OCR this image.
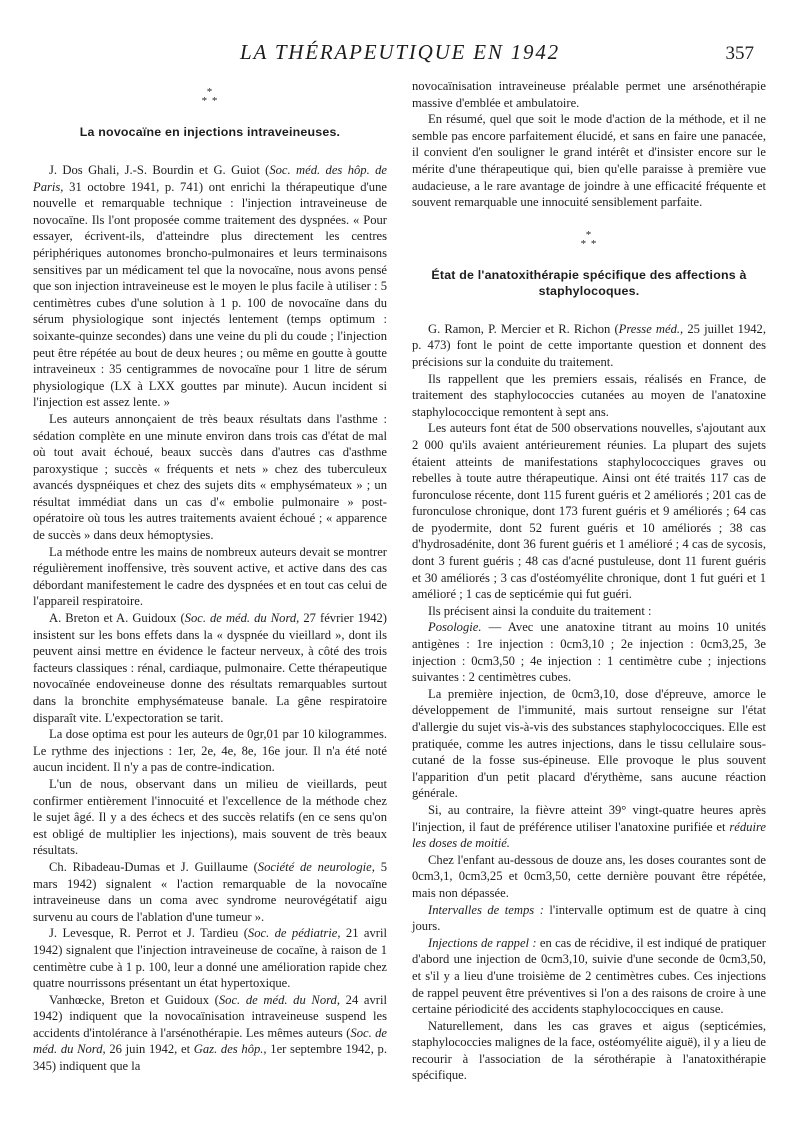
LA THÉRAPEUTIQUE EN 1942	357
*
* *
La novocaïne en injections intraveineuses.

J. Dos Ghali, J.-S. Bourdin et G. Guiot (Soc. méd. des hôp. de Paris, 31 octobre 1941, p. 741) ont enrichi la thérapeutique d'une nouvelle et remarquable technique : l'injection intraveineuse de novocaïne. Ils l'ont proposée comme traitement des dyspnées. « Pour essayer, écrivent-ils, d'atteindre plus directement les centres périphériques autonomes broncho-pulmonaires et leurs terminaisons sensitives par un médicament tel que la novocaïne, nous avons pensé que son injection intraveineuse est le moyen le plus facile à utiliser : 5 centimètres cubes d'une solution à 1 p. 100 de novocaïne dans du sérum physiologique sont injectés lentement (temps optimum : soixante-quinze secondes) dans une veine du pli du coude ; l'injection peut être répétée au bout de deux heures ; ou même en goutte à goutte intraveineux : 35 centigrammes de novocaïne pour 1 litre de sérum physiologique (LX à LXX gouttes par minute). Aucun incident si l'injection est assez lente. »

Les auteurs annonçaient de très beaux résultats dans l'asthme : sédation complète en une minute environ dans trois cas d'état de mal où tout avait échoué, beaux succès dans d'autres cas d'asthme paroxystique ; succès « fréquents et nets » chez des tuberculeux avancés dyspnéiques et chez des sujets dits « emphysémateux » ; un résultat immédiat dans un cas d'« embolie pulmonaire » post-opératoire où tous les autres traitements avaient échoué ; « apparence de succès » dans deux hémoptysies.

La méthode entre les mains de nombreux auteurs devait se montrer régulièrement inoffensive, très souvent active, et active dans des cas débordant manifestement le cadre des dyspnées et en tout cas celui de l'appareil respiratoire.

A. Breton et A. Guidoux (Soc. de méd. du Nord, 27 février 1942) insistent sur les bons effets dans la « dyspnée du vieillard », dont ils peuvent ainsi mettre en évidence le facteur nerveux, à côté des trois facteurs classiques : rénal, cardiaque, pulmonaire. Cette thérapeutique novocaïnée endoveineuse donne des résultats remarquables surtout dans la bronchite emphysémateuse banale. La gêne respiratoire disparaît vite. L'expectoration se tarit.

La dose optima est pour les auteurs de 0gr,01 par 10 kilogrammes. Le rythme des injections : 1er, 2e, 4e, 8e, 16e jour. Il n'a été noté aucun incident. Il n'y a pas de contre-indication.

L'un de nous, observant dans un milieu de vieillards, peut confirmer entièrement l'innocuité et l'excellence de la méthode chez le sujet âgé. Il y a des échecs et des succès relatifs (en ce sens qu'on est obligé de multiplier les injections), mais souvent de très beaux résultats.

Ch. Ribadeau-Dumas et J. Guillaume (Société de neurologie, 5 mars 1942) signalent « l'action remarquable de la novocaïne intraveineuse dans un coma avec syndrome neurovégétatif aigu survenu au cours de l'ablation d'une tumeur ».

J. Levesque, R. Perrot et J. Tardieu (Soc. de pédiatrie, 21 avril 1942) signalent que l'injection intraveineuse de cocaïne, à raison de 1 centimètre cube à 1 p. 100, leur a donné une amélioration rapide chez quatre nourrissons présentant un état hypertoxique.

Vanhœcke, Breton et Guidoux (Soc. de méd. du Nord, 24 avril 1942) indiquent que la novocaïnisation intraveineuse suspend les accidents d'intolérance à l'arsénothérapie. Les mêmes auteurs (Soc. de méd. du Nord, 26 juin 1942, et Gaz. des hôp., 1er septembre 1942, p. 345) indiquent que la

novocaïnisation intraveineuse préalable permet une arsénothérapie massive d'emblée et ambulatoire.

En résumé, quel que soit le mode d'action de la méthode, et il ne semble pas encore parfaitement élucidé, et sans en faire une panacée, il convient d'en souligner le grand intérêt et d'insister encore sur le mérite d'une thérapeutique qui, bien qu'elle paraisse à première vue audacieuse, a le rare avantage de joindre à une efficacité fréquente et souvent remarquable une innocuité sensiblement parfaite.

*
* *
État de l'anatoxithérapie spécifique des affections à staphylocoques.

G. Ramon, P. Mercier et R. Richon (Presse méd., 25 juillet 1942, p. 473) font le point de cette importante question et donnent des précisions sur la conduite du traitement.

Ils rappellent que les premiers essais, réalisés en France, de traitement des staphylococcies cutanées au moyen de l'anatoxine staphylococcique remontent à sept ans.

Les auteurs font état de 500 observations nouvelles, s'ajoutant aux 2 000 qu'ils avaient antérieurement réunies. La plupart des sujets étaient atteints de manifestations staphylococciques graves ou rebelles à toute autre thérapeutique. Ainsi ont été traités 117 cas de furonculose récente, dont 115 furent guéris et 2 améliorés ; 201 cas de furonculose chronique, dont 173 furent guéris et 9 améliorés ; 64 cas de pyodermite, dont 52 furent guéris et 10 améliorés ; 38 cas d'hydrosadénite, dont 36 furent guéris et 1 amélioré ; 4 cas de sycosis, dont 3 furent guéris ; 48 cas d'acné pustuleuse, dont 11 furent guéris et 30 améliorés ; 3 cas d'ostéomyélite chronique, dont 1 fut guéri et 1 amélioré ; 1 cas de septicémie qui fut guéri.

Ils précisent ainsi la conduite du traitement :

Posologie. — Avec une anatoxine titrant au moins 10 unités antigènes : 1re injection : 0cm3,10 ; 2e injection : 0cm3,25, 3e injection : 0cm3,50 ; 4e injection : 1 centimètre cube ; injections suivantes : 2 centimètres cubes.

La première injection, de 0cm3,10, dose d'épreuve, amorce le développement de l'immunité, mais surtout renseigne sur l'état d'allergie du sujet vis-à-vis des substances staphylococciques. Elle est pratiquée, comme les autres injections, dans le tissu cellulaire sous-cutané de la fosse sus-épineuse. Elle provoque le plus souvent l'apparition d'un petit placard d'érythème, sans aucune réaction générale.

Si, au contraire, la fièvre atteint 39° vingt-quatre heures après l'injection, il faut de préférence utiliser l'anatoxine purifiée et réduire les doses de moitié.

Chez l'enfant au-dessous de douze ans, les doses courantes sont de 0cm3,1, 0cm3,25 et 0cm3,50, cette dernière pouvant être répétée, mais non dépassée.

Intervalles de temps : l'intervalle optimum est de quatre à cinq jours.

Injections de rappel : en cas de récidive, il est indiqué de pratiquer d'abord une injection de 0cm3,10, suivie d'une seconde de 0cm3,50, et s'il y a lieu d'une troisième de 2 centimètres cubes. Ces injections de rappel peuvent être préventives si l'on a des raisons de croire à une certaine périodicité des accidents staphylococciques en cause.

Naturellement, dans les cas graves et aigus (septicémies, staphylococcies malignes de la face, ostéomyélite aiguë), il y a lieu de recourir à l'association de la sérothérapie à l'anatoxithérapie spécifique.
